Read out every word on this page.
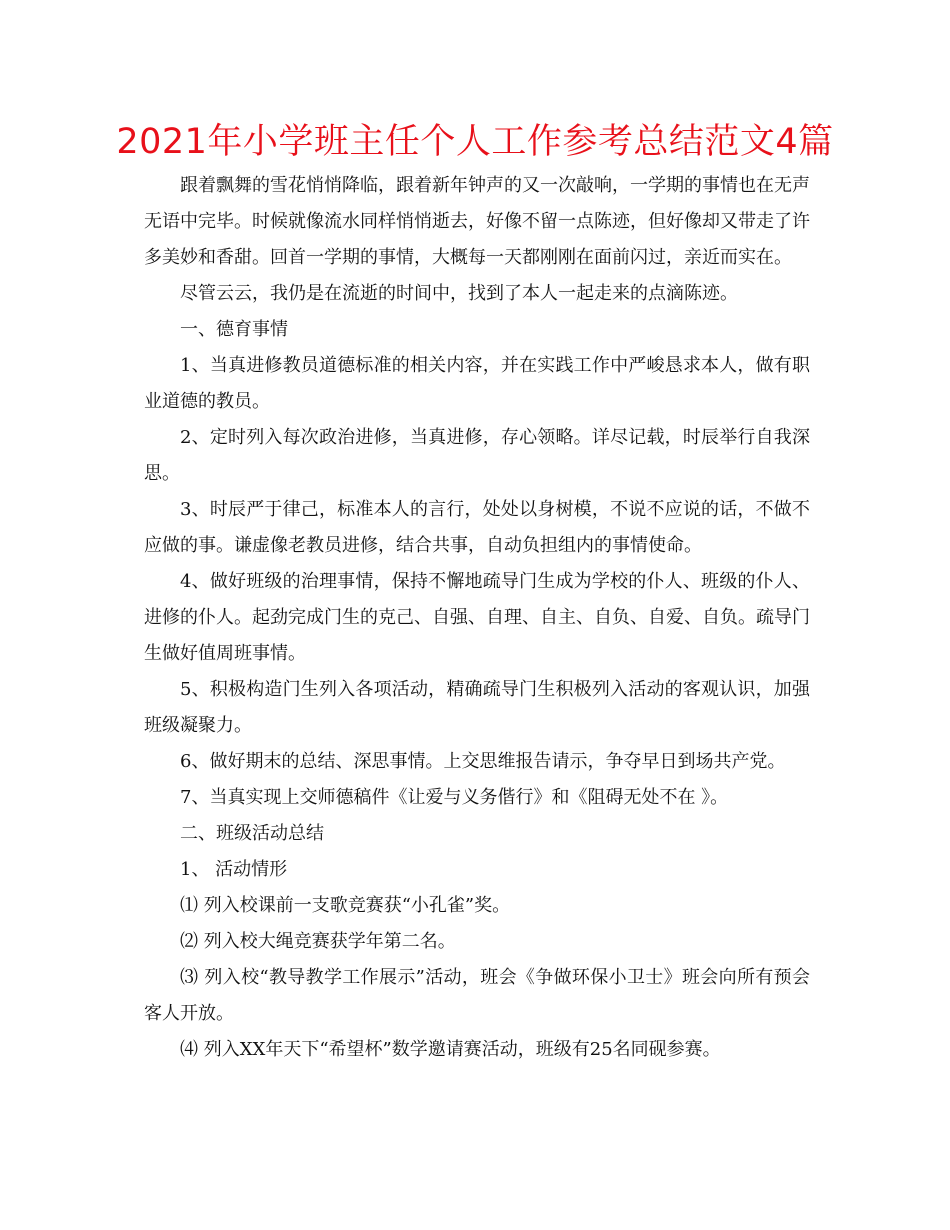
2021年小学班主任个人工作参考总结范文4篇

跟着飘舞的雪花悄悄降临，跟着新年钟声的又一次敲响，一学期的事情也在无声无语中完毕。时候就像流水同样悄悄逝去，好像不留一点陈迹，但好像却又带走了许多美妙和香甜。回首一学期的事情，大概每一天都刚刚在面前闪过，亲近而实在。

尽管云云，我仍是在流逝的时间中，找到了本人一起走来的点滴陈迹。

一、德育事情

1、当真进修教员道德标准的相关内容，并在实践工作中严峻恳求本人，做有职业道德的教员。

2、定时列入每次政治进修，当真进修，存心领略。详尽记载，时辰举行自我深思。

3、时辰严于律己，标准本人的言行，处处以身树模，不说不应说的话，不做不应做的事。谦虚像老教员进修，结合共事，自动负担组内的事情使命。

4、做好班级的治理事情，保持不懈地疏导门生成为学校的仆人、班级的仆人、进修的仆人。起劲完成门生的克己、自强、自理、自主、自负、自爱、自负。疏导门生做好值周班事情。

5、积极构造门生列入各项活动，精确疏导门生积极列入活动的客观认识，加强班级凝聚力。

6、做好期末的总结、深思事情。上交思维报告请示，争夺早日到场共产党。

7、当真实现上交师德稿件《让爱与义务偕行》和《阻碍无处不在 》。

二、班级活动总结

1、 活动情形

⑴ 列入校课前一支歌竞赛获“小孔雀”奖。

⑵ 列入校大绳竞赛获学年第二名。

⑶ 列入校“教导教学工作展示”活动，班会《争做环保小卫士》班会向所有预会客人开放。

⑷ 列入XX年天下“希望杯”数学邀请赛活动，班级有25名同砚参赛。
